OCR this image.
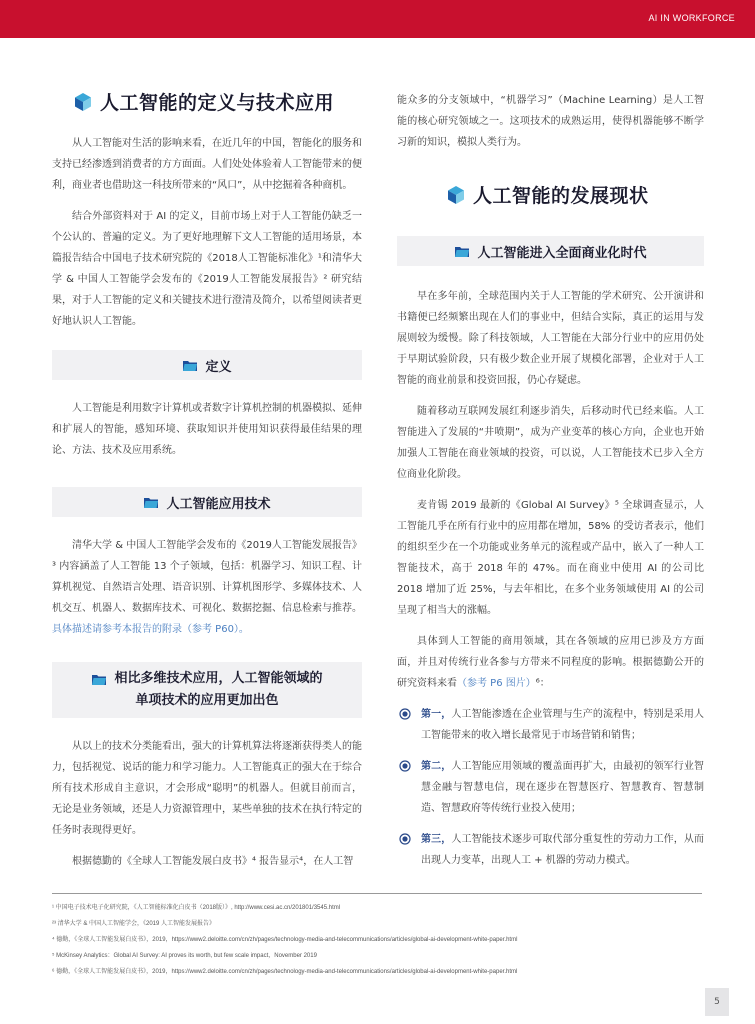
AI IN WORKFORCE
人工智能的定义与技术应用

从人工智能对生活的影响来看，在近几年的中国，智能化的服务和支持已经渗透到消费者的方方面面。人们处处体验着人工智能带来的便利，商业者也借助这一科技所带来的“风口”，从中挖掘着各种商机。

结合外部资料对于 AI 的定义，目前市场上对于人工智能仍缺乏一个公认的、普遍的定义。为了更好地理解下文人工智能的适用场景，本篇报告结合中国电子技术研究院的《2018人工智能标准化》¹和清华大学 & 中国人工智能学会发布的《2019人工智能发展报告》² 研究结果，对于人工智能的定义和关键技术进行澄清及简介，以希望阅读者更好地认识人工智能。

定义

人工智能是利用数字计算机或者数字计算机控制的机器模拟、延伸和扩展人的智能，感知环境、获取知识并使用知识获得最佳结果的理论、方法、技术及应用系统。

人工智能应用技术

清华大学 & 中国人工智能学会发布的《2019人工智能发展报告》³ 内容涵盖了人工智能 13 个子领域，包括：机器学习、知识工程、计算机视觉、自然语言处理、语音识别、计算机图形学、多媒体技术、人机交互、机器人、数据库技术、可视化、数据挖掘、信息检索与推荐。

具体描述请参考本报告的附录（参考 P60）。

相比多维技术应用，人工智能领域的
单项技术的应用更加出色

从以上的技术分类能看出，强大的计算机算法将逐渐获得类人的能力，包括视觉、说话的能力和学习能力。人工智能真正的强大在于综合所有技术形成自主意识，才会形成“聪明”的机器人。但就目前而言，无论是业务领域，还是人力资源管理中，某些单独的技术在执行特定的任务时表现得更好。

根据德勤的《全球人工智能发展白皮书》⁴ 报告显示⁴，在人工智

能众多的分支领域中，“机器学习”（Machine Learning）是人工智能的核心研究领域之一。这项技术的成熟运用，使得机器能够不断学习新的知识，模拟人类行为。

人工智能的发展现状
人工智能进入全面商业化时代

早在多年前，全球范围内关于人工智能的学术研究、公开演讲和书籍便已经频繁出现在人们的事业中，但结合实际，真正的运用与发展则较为缓慢。除了科技领域，人工智能在大部分行业中的应用仍处于早期试验阶段，只有极少数企业开展了规模化部署，企业对于人工智能的商业前景和投资回报，仍心存疑虑。

随着移动互联网发展红利逐步消失，后移动时代已经来临。人工智能进入了发展的“井喷期”，成为产业变革的核心方向，企业也开始加强人工智能在商业领域的投资，可以说，人工智能技术已步入全方位商业化阶段。

麦肯锡 2019 最新的《Global AI Survey》⁵ 全球调查显示，人工智能几乎在所有行业中的应用都在增加，58% 的受访者表示，他们的组织至少在一个功能或业务单元的流程或产品中，嵌入了一种人工智能技术，高于 2018 年的 47%。而在商业中使用 AI 的公司比 2018 增加了近 25%，与去年相比，在多个业务领域使用 AI 的公司呈现了相当大的涨幅。

具体到人工智能的商用领域，其在各领域的应用已涉及方方面面，并且对传统行业各参与方带来不同程度的影响。根据德勤公开的研究资料来看（参考 P6 图片）⁶：

第一，人工智能渗透在企业管理与生产的流程中，特别是采用人工智能带来的收入增长最常见于市场营销和销售；
第二，人工智能应用领域的覆盖面再扩大，由最初的领军行业智慧金融与智慧电信，现在逐步在智慧医疗、智慧教育、智慧制造、智慧政府等传统行业投入使用；
第三，人工智能技术逐步可取代部分重复性的劳动力工作，从而出现人力变革，出现人工 + 机器的劳动力模式。
¹ 中国电子技术电子化研究院，《人工智能标准化白皮书（2018版）》, http://www.cesi.ac.cn/201801/3545.html
²³ 清华大学 & 中国人工智能学会，《2019 人工智能发展报告》
⁴ 德勤，《全球人工智能发展白皮书》，2019，https://www2.deloitte.com/cn/zh/pages/technology-media-and-telecommunications/articles/global-ai-development-white-paper.html
⁵ McKinsey Analytics：Global AI Survey: AI proves its worth, but few scale impact，November 2019
⁶ 德勤，《全球人工智能发展白皮书》，2019，https://www2.deloitte.com/cn/zh/pages/technology-media-and-telecommunications/articles/global-ai-development-white-paper.html
5
